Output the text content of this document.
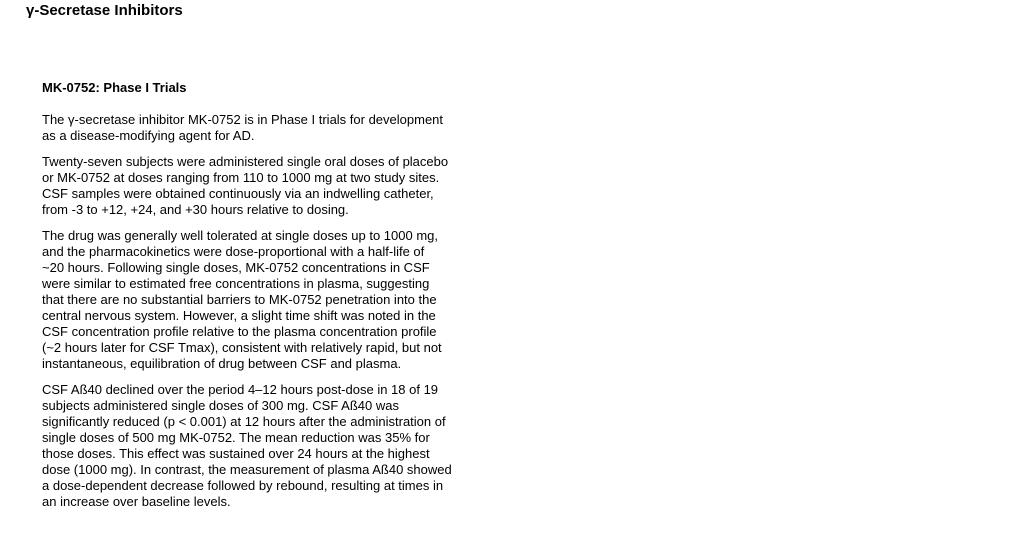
γ-Secretase Inhibitors
MK-0752: Phase I Trials

The γ-secretase inhibitor MK-0752 is in Phase I trials for development
as a disease-modifying agent for AD.

Twenty-seven subjects were administered single oral doses of placebo
or MK-0752 at doses ranging from 110 to 1000 mg at two study sites.
CSF samples were obtained continuously via an indwelling catheter,
from -3 to +12, +24, and +30 hours relative to dosing.

The drug was generally well tolerated at single doses up to 1000 mg,
and the pharmacokinetics were dose-proportional with a half-life of
~20 hours. Following single doses, MK-0752 concentrations in CSF
were similar to estimated free concentrations in plasma, suggesting
that there are no substantial barriers to MK-0752 penetration into the
central nervous system. However, a slight time shift was noted in the
CSF concentration profile relative to the plasma concentration profile
(~2 hours later for CSF Tmax), consistent with relatively rapid, but not
instantaneous, equilibration of drug between CSF and plasma.

CSF Aß40 declined over the period 4–12 hours post-dose in 18 of 19
subjects administered single doses of 300 mg. CSF Aß40 was
significantly reduced (p < 0.001) at 12 hours after the administration of
single doses of 500 mg MK-0752. The mean reduction was 35% for
those doses. This effect was sustained over 24 hours at the highest
dose (1000 mg). In contrast, the measurement of plasma Aß40 showed
a dose-dependent decrease followed by rebound, resulting at times in
an increase over baseline levels.
